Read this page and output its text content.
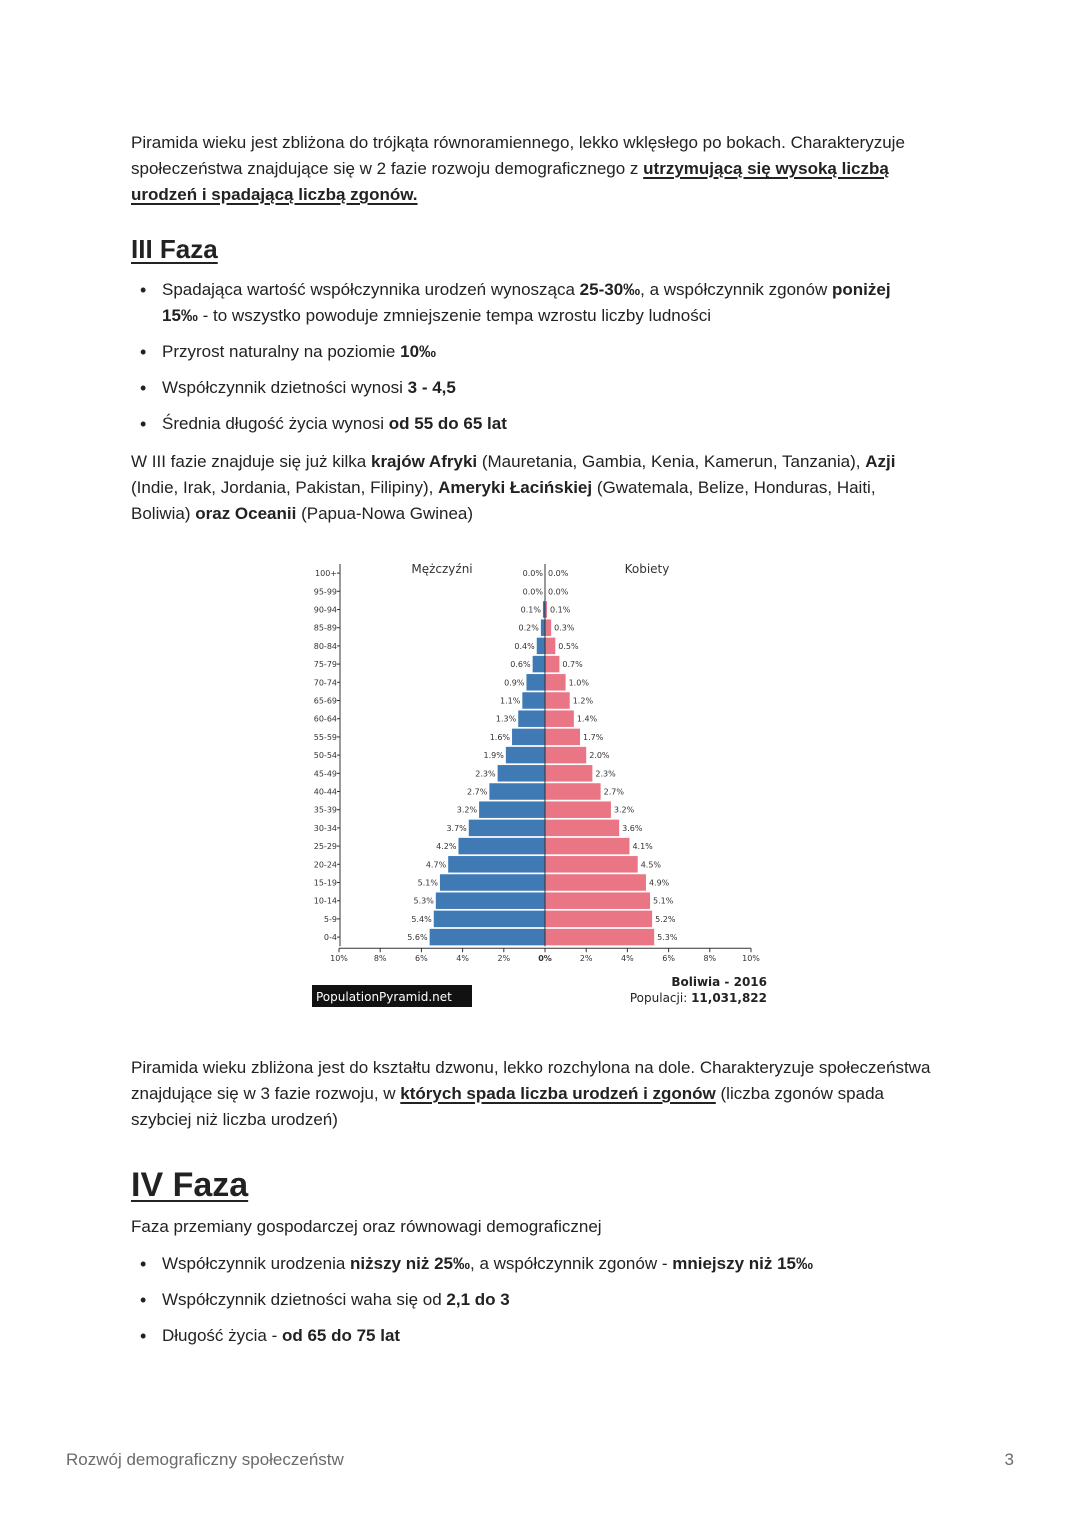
Piramida wieku jest zbliżona do trójkąta równoramiennego, lekko wklęsłego po bokach. Charakteryzuje społeczeństwa znajdujące się w 2 fazie rozwoju demograficznego z utrzymującą się wysoką liczbą urodzeń i spadającą liczbą zgonów.
III Faza
• Spadająca wartość współczynnika urodzeń wynosząca 25-30‰, a współczynnik zgonów poniżej 15‰ - to wszystko powoduje zmniejszenie tempa wzrostu liczby ludności
• Przyrost naturalny na poziomie 10‰
• Współczynnik dzietności wynosi 3 - 4,5
• Średnia długość życia wynosi od 55 do 65 lat
W III fazie znajduje się już kilka krajów Afryki (Mauretania, Gambia, Kenia, Kamerun, Tanzania), Azji (Indie, Irak, Jordania, Pakistan, Filipiny), Ameryki Łacińskiej (Gwatemala, Belize, Honduras, Haiti, Boliwia) oraz Oceanii (Papua-Nowa Gwinea)
Mężczyźni	Kobiety
0.0% 0.0%
0.0% 0.0%
0.1% 0.1%
0.2% 0.3%
0.4%	0.5%
0.6%	0.7%
0.9%	1.0%
1.1%	1.2%
1.3%	1.4%
1.6%	1.7%
1.9%	2.0%
2.3%	2.3%
2.7%	2.7%
3.2%	3.2%
3.7%	3.6%
4.2%	4.1%
4.7%	4.5%
5.1%	4.9%
5.3%	5.1%
5.4%	5.2%
5.6%	5.3%
100+
95-99
90-94
85-89
80-84
75-79
70-74
65-69
60-64
55-59
50-54
45-49
40-44
35-39
30-34
25-29
20-24
15-19
10-14
5-9
0-4
10%	8%	6%	4%	2%	0%	2%	4%	6%	8%	10%
PopulationPyramid.net
Boliwia - 2016
Populacji: 11,031,822
Piramida wieku zbliżona jest do kształtu dzwonu, lekko rozchylona na dole. Charakteryzuje społeczeństwa znajdujące się w 3 fazie rozwoju, w których spada liczba urodzeń i zgonów (liczba zgonów spada szybciej niż liczba urodzeń)
IV Faza
Faza przemiany gospodarczej oraz równowagi demograficznej
• Współczynnik urodzenia niższy niż 25‰, a współczynnik zgonów - mniejszy niż 15‰
• Współczynnik dzietności waha się od 2,1 do 3
• Długość życia - od 65 do 75 lat
Rozwój demograficzny społeczeństw	3
